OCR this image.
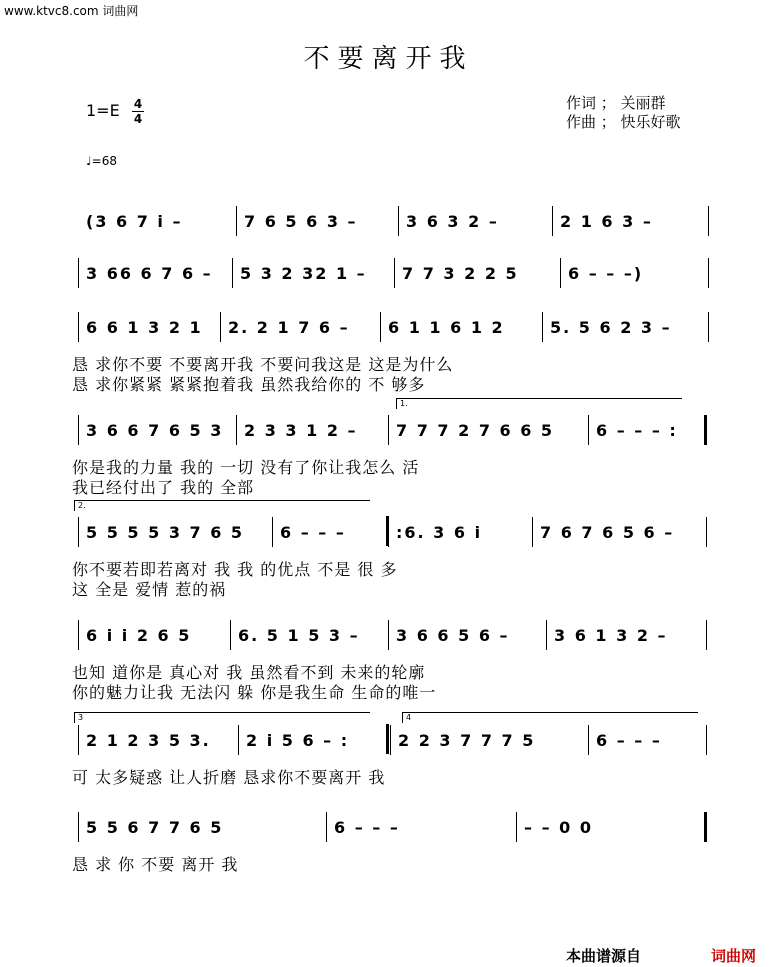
www.ktvc8.com 词曲网
不要离开我
1=E 4
4
♩=68
作词 ； 关丽群
作曲 ； 快乐好歌
(3 6 7 i –	7 6 5 6 3 –	3 6 3 2 –	2 1 6 3 –
3 66 6 7 6 –	5 3 2 32 1 –	7 7 3 2 2 5	6 – – –)
6 6 1 3 2 1	2. 2 1 7 6 –	6 1 1 6 1 2	5. 5 6 2 3 –
恳 求你不要 不要离开我 不要问我这是 这是为什么
恳 求你紧紧 紧紧抱着我 虽然我给你的 不 够多
3 6 6 7 6 5 3	2 3 3 1 2 –	7 7 7 2 7 6 6 5	6 – – – :
你是我的力量 我的 一切 没有了你让我怎么 活
我已经付出了 我的 全部
5 5 5 5 3 7 6 5	6 – – –	:6. 3 6 i	7 6 7 6 5 6 –
你不要若即若离对 我 我 的优点 不是 很 多
这 全是 爱情 惹的祸
6 i i 2 6 5	6. 5 1 5 3 –	3 6 6 5 6 –	3 6 1 3 2 –
也知 道你是 真心对 我 虽然看不到 未来的轮廓
你的魅力让我 无法闪 躲 你是我生命 生命的唯一
2 1 2 3 5 3.	2 i 5 6 – :	2 2 3 7 7 7 5	6 – – –
可 太多疑惑 让人折磨 恳求你不要离开 我
5 5 6 7 7 6 5	6 – – –	– – 0 0
恳 求 你 不要 离开 我
1.
2.
3	4
本曲谱源自	词曲网
